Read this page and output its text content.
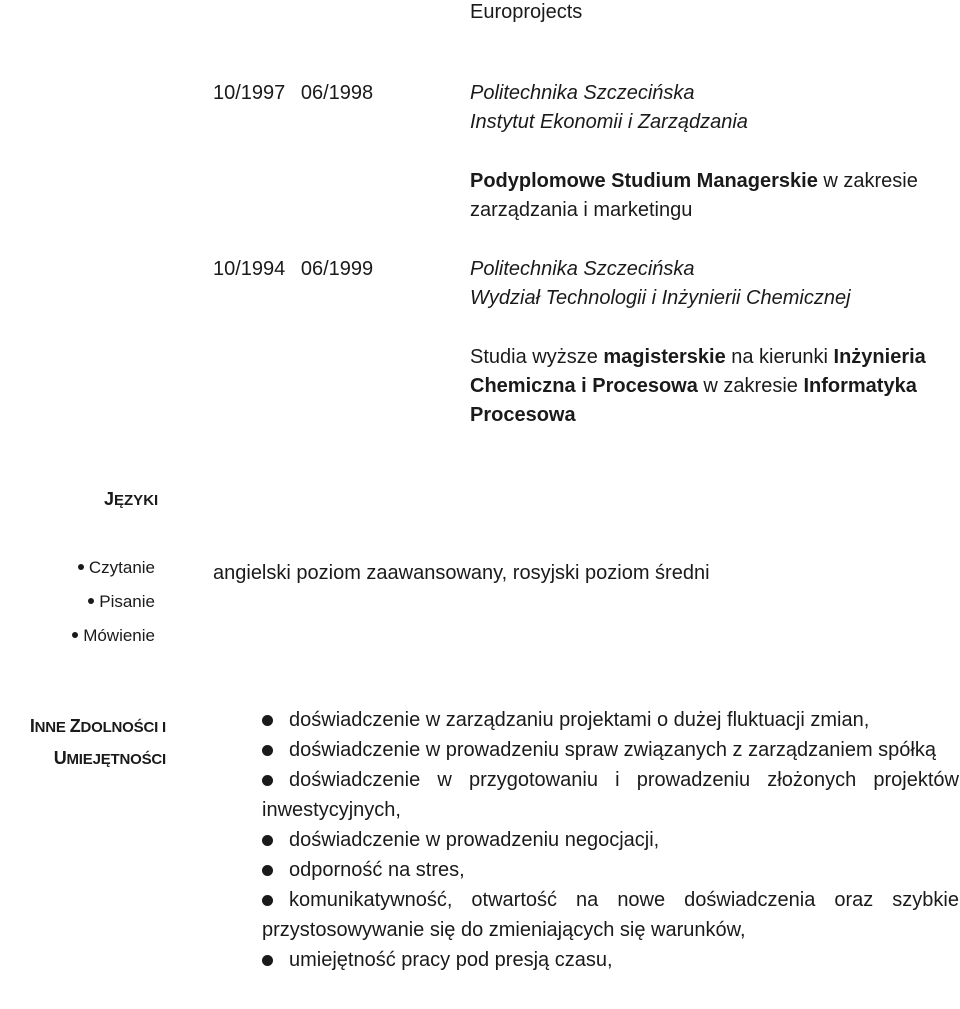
Europrojects
10/1997 06/1998	Politechnika Szczecińska
Instytut Ekonomii i Zarządzania
Podyplomowe Studium Managerskie w zakresie
zarządzania i marketingu
10/1994 06/1999	Politechnika Szczecińska
Wydział Technologii i Inżynierii Chemicznej
Studia wyższe magisterskie na kierunki Inżynieria
Chemiczna i Procesowa w zakresie Informatyka
Procesowa
JĘZYKI
Czytanie
Pisanie
Mówienie
angielski poziom zaawansowany, rosyjski poziom średni
INNE ZDOLNOŚCI I
UMIEJĘTNOŚCI
doświadczenie w zarządzaniu projektami o dużej fluktuacji zmian,
doświadczenie w prowadzeniu spraw związanych z zarządzaniem spółką
doświadczenie w przygotowaniu i prowadzeniu złożonych projektów inwestycyjnych,
doświadczenie w prowadzeniu negocjacji,
odporność na stres,
komunikatywność, otwartość na nowe doświadczenia oraz szybkie przystosowywanie się do zmieniających się warunków,
umiejętność pracy pod presją czasu,
